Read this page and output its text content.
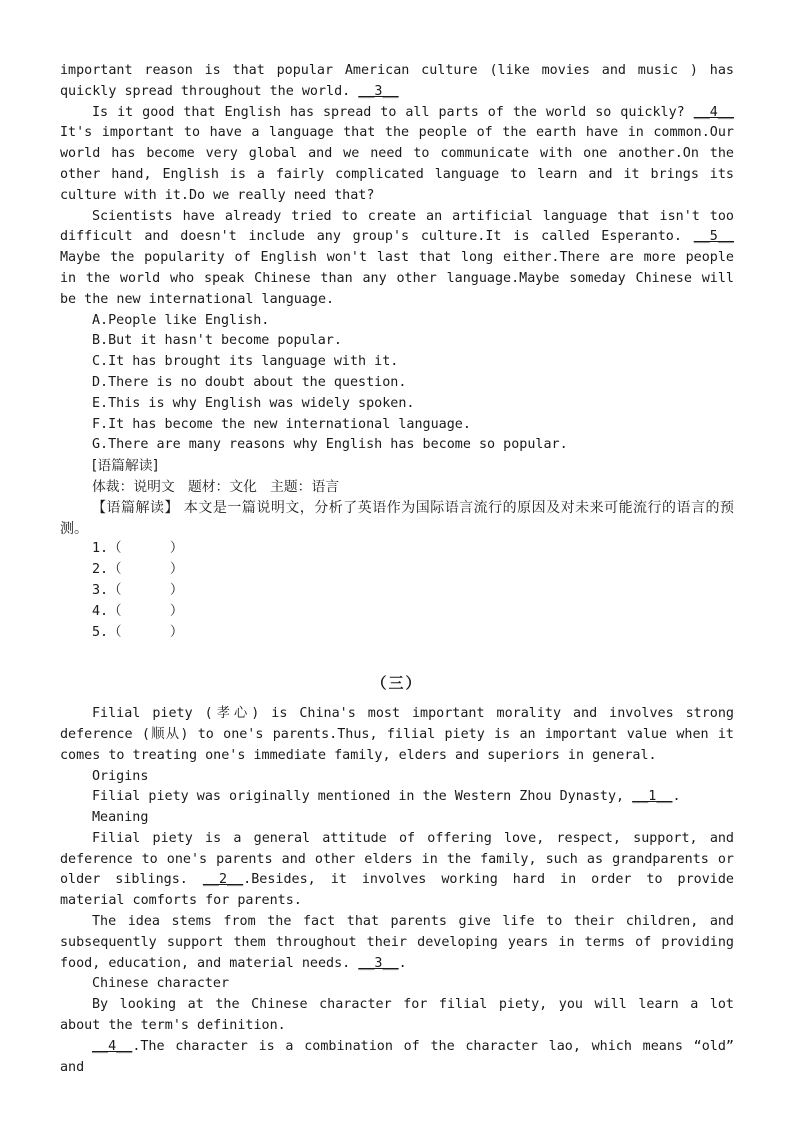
important reason is that popular American culture (like movies and music ) has quickly spread throughout the world. __3__

Is it good that English has spread to all parts of the world so quickly? __4__ It's important to have a language that the people of the earth have in common.Our world has become very global and we need to communicate with one another.On the other hand, English is a fairly complicated language to learn and it brings its culture with it.Do we really need that?

Scientists have already tried to create an artificial language that isn't too difficult and doesn't include any group's culture.It is called Esperanto. __5__ Maybe the popularity of English won't last that long either.There are more people in the world who speak Chinese than any other language.Maybe someday Chinese will be the new international language.

A.People like English.

B.But it hasn't become popular.

C.It has brought its language with it.

D.There is no doubt about the question.

E.This is why English was widely spoken.

F.It has become the new international language.

G.There are many reasons why English has become so popular.

[语篇解读]

体裁：说明文   题材：文化   主题：语言

【语篇解读】 本文是一篇说明文，分析了英语作为国际语言流行的原因及对未来可能流行的语言的预测。

1.（      ）

2.（      ）

3.（      ）

4.（      ）

5.（      ）

（三）

Filial piety (孝心) is China's most important morality and involves strong deference (顺从) to one's parents.Thus, filial piety is an important value when it comes to treating one's immediate family, elders and superiors in general.

Origins

Filial piety was originally mentioned in the Western Zhou Dynasty, __1__.

Meaning

Filial piety is a general attitude of offering love, respect, support, and deference to one's parents and other elders in the family, such as grandparents or older siblings. __2__.Besides, it involves working hard in order to provide material comforts for parents.

The idea stems from the fact that parents give life to their children, and subsequently support them throughout their developing years in terms of providing food, education, and material needs. __3__.

Chinese character

By looking at the Chinese character for filial piety, you will learn a lot about the term's definition.

__4__.The character is a combination of the character lao, which means “old” and
